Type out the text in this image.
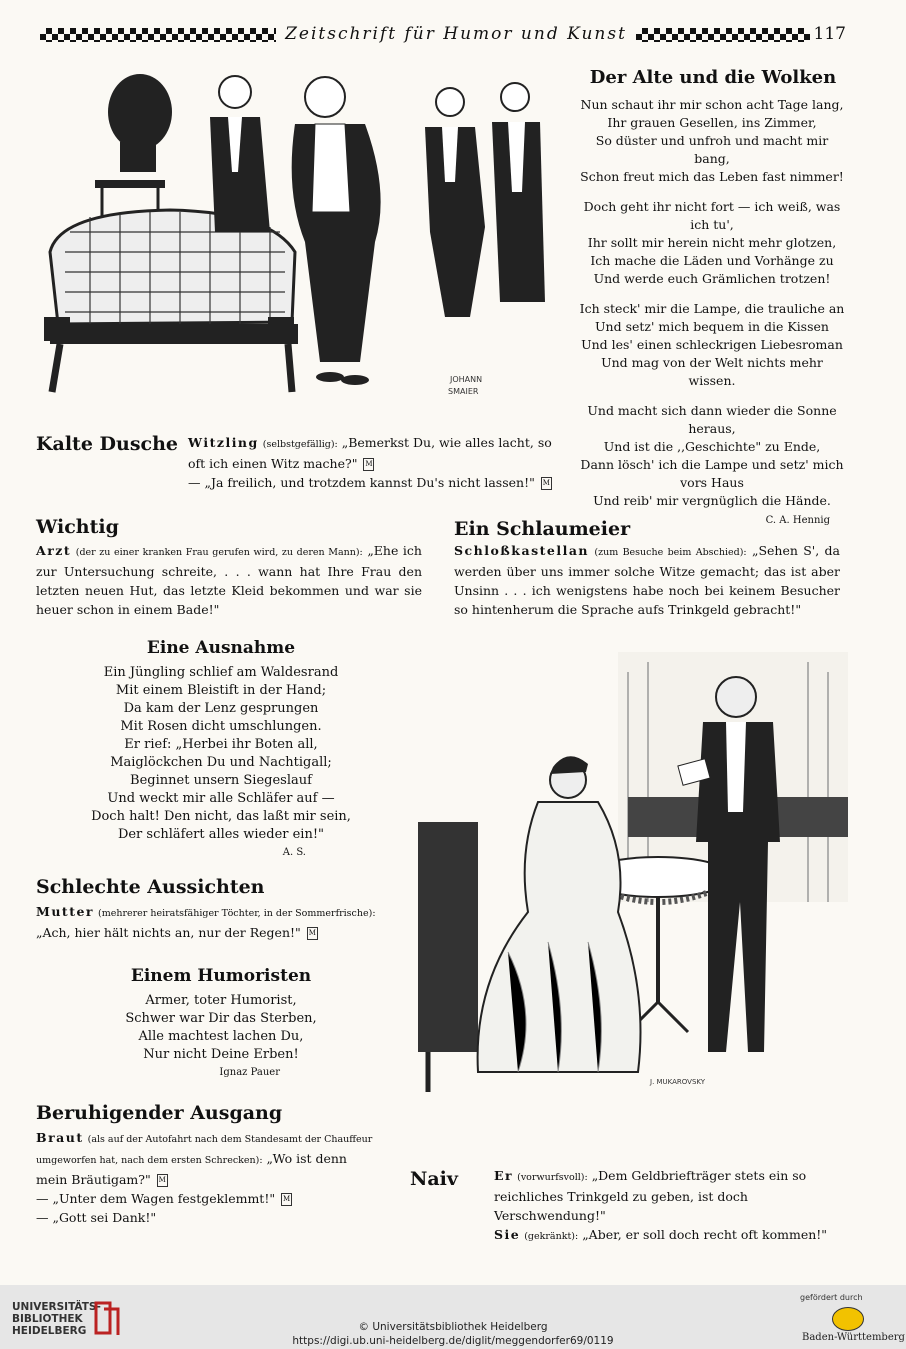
Zeitschrift für Humor und Kunst	117
JOHANN
SMAIER
Der Alte und die Wolken

Nun schaut ihr mir schon acht Tage lang,
Ihr grauen Gesellen, ins Zimmer,
So düster und unfroh und macht mir bang,
Schon freut mich das Leben fast nimmer!

Doch geht ihr nicht fort — ich weiß, was
ich tu',
Ihr sollt mir herein nicht mehr glotzen,
Ich mache die Läden und Vorhänge zu
Und werde euch Grämlichen trotzen!

Ich steck' mir die Lampe, die trauliche an
Und setz' mich bequem in die Kissen
Und les' einen schleckrigen Liebesroman
Und mag von der Welt nichts mehr wissen.

Und macht sich dann wieder die Sonne
heraus,
Und ist die ,,Geschichte" zu Ende,
Dann lösch' ich die Lampe und setz' mich
vors Haus
Und reib' mir vergnüglich die Hände.

C. A. Hennig
Kalte Dusche Witzling (selbstgefällig): „Bemerkst Du, wie alles lacht, so
oft ich einen Witz mache?" M
— „Ja freilich, und trotzdem kannst Du's nicht lassen!" M
Wichtig
Arzt (der zu einer kranken Frau gerufen wird, zu deren Mann): „Ehe ich zur Untersuchung schreite, . . . wann hat Ihre Frau den letzten neuen Hut, das letzte Kleid bekommen und war sie heuer schon in einem Bade!"
Ein Schlaumeier
Schloßkastellan (zum Besuche beim Abschied): „Sehen S', da werden über uns immer solche Witze gemacht; das ist aber Unsinn . . . ich wenigstens habe noch bei keinem Besucher so hintenherum die Sprache aufs Trinkgeld gebracht!"
Eine Ausnahme
Ein Jüngling schlief am Waldesrand
Mit einem Bleistift in der Hand;
Da kam der Lenz gesprungen
Mit Rosen dicht umschlungen.
Er rief: „Herbei ihr Boten all,
Maiglöckchen Du und Nachtigall;
Beginnet unsern Siegeslauf
Und weckt mir alle Schläfer auf —
Doch halt! Den nicht, das laßt mir sein,
Der schläfert alles wieder ein!"
A. S.
Schlechte Aussichten
Mutter (mehrerer heiratsfähiger Töchter, in der Sommerfrische):
„Ach, hier hält nichts an, nur der Regen!" M
Einem Humoristen
Armer, toter Humorist,
Schwer war Dir das Sterben,
Alle machtest lachen Du,
Nur nicht Deine Erben!
Ignaz Pauer
Beruhigender Ausgang
Braut (als auf der Autofahrt nach dem Standesamt der Chauffeur umgeworfen hat, nach dem ersten Schrecken): „Wo ist denn mein Bräutigam?" M
— „Unter dem Wagen festgeklemmt!" M
— „Gott sei Dank!"
J. MUKAROVSKY
Naiv	Er (vorwurfsvoll): „Dem Geldbriefträger stets ein so reichliches Trinkgeld zu geben, ist doch Verschwendung!"
Sie (gekränkt): „Aber, er soll doch recht oft kommen!"
UNIVERSITÄTS-
BIBLIOTHEK
HEIDELBERG	© Universitätsbibliothek Heidelberg
https://digi.ub.uni-heidelberg.de/diglit/meggendorfer69/0119
gefördert durch
Baden-Württemberg
